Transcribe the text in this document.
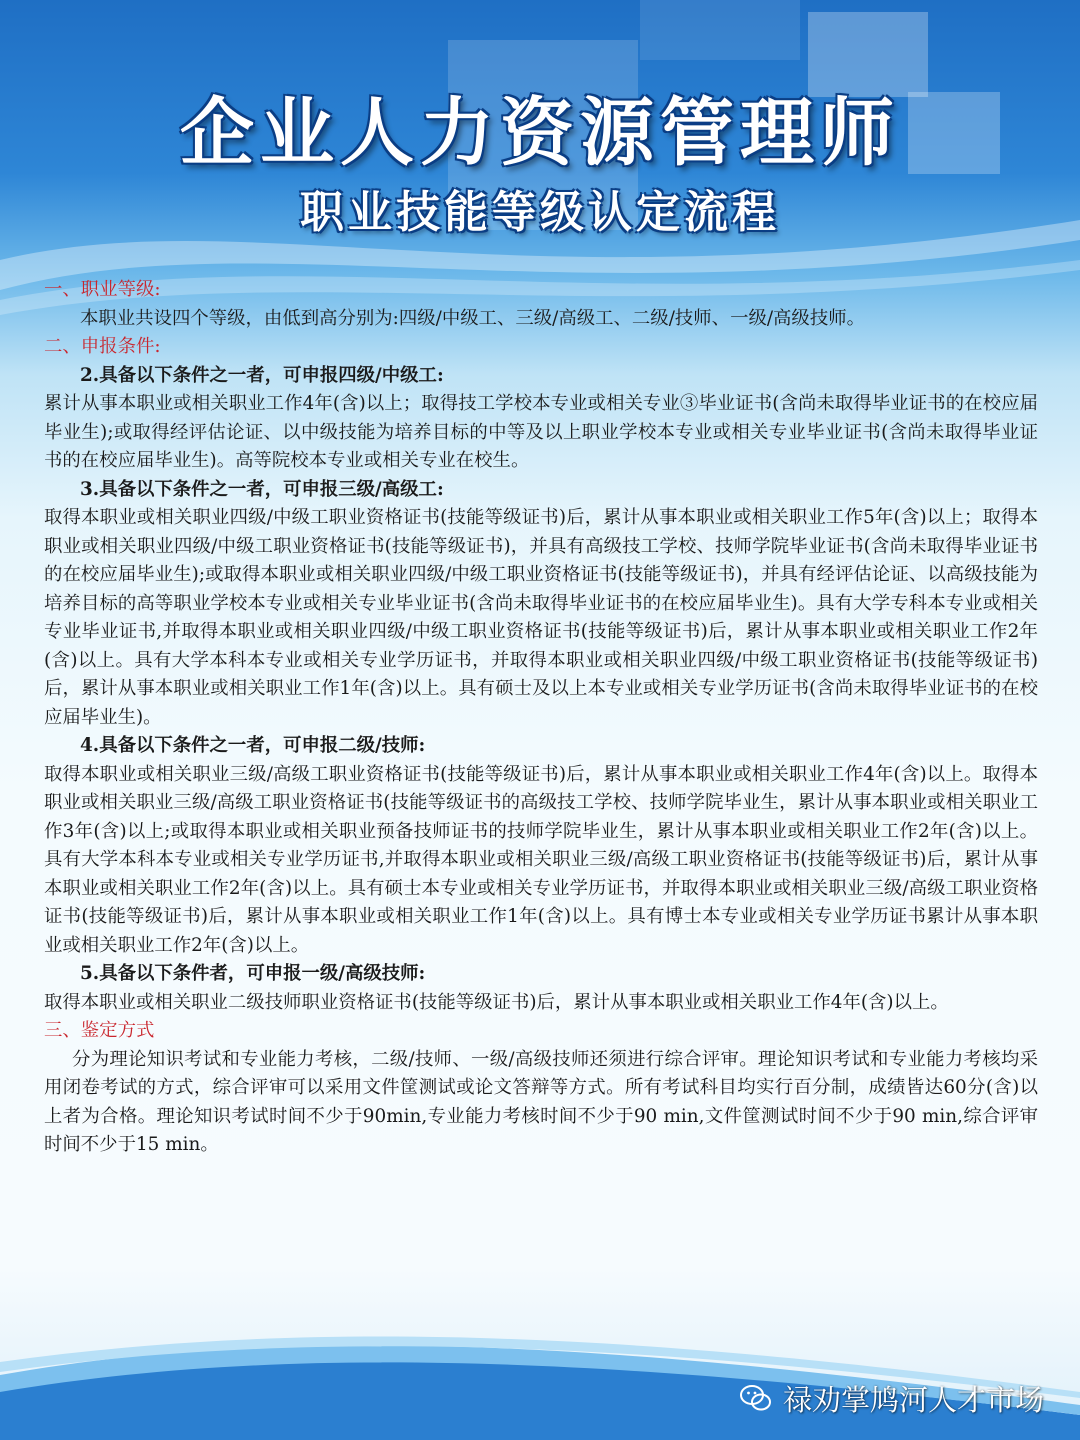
企业人力资源管理师
职业技能等级认定流程

一、职业等级:

本职业共设四个等级，由低到高分别为:四级/中级工、三级/高级工、二级/技师、一级/高级技师。

二、申报条件:

2.具备以下条件之一者，可申报四级/中级工:

累计从事本职业或相关职业工作4年(含)以上；取得技工学校本专业或相关专业③毕业证书(含尚未取得毕业证书的在校应届毕业生);或取得经评估论证、以中级技能为培养目标的中等及以上职业学校本专业或相关专业毕业证书(含尚未取得毕业证书的在校应届毕业生)。高等院校本专业或相关专业在校生。

3.具备以下条件之一者，可申报三级/高级工:

取得本职业或相关职业四级/中级工职业资格证书(技能等级证书)后，累计从事本职业或相关职业工作5年(含)以上；取得本职业或相关职业四级/中级工职业资格证书(技能等级证书)，并具有高级技工学校、技师学院毕业证书(含尚未取得毕业证书的在校应届毕业生);或取得本职业或相关职业四级/中级工职业资格证书(技能等级证书)，并具有经评估论证、以高级技能为培养目标的高等职业学校本专业或相关专业毕业证书(含尚未取得毕业证书的在校应届毕业生)。具有大学专科本专业或相关专业毕业证书,并取得本职业或相关职业四级/中级工职业资格证书(技能等级证书)后，累计从事本职业或相关职业工作2年(含)以上。具有大学本科本专业或相关专业学历证书，并取得本职业或相关职业四级/中级工职业资格证书(技能等级证书)后，累计从事本职业或相关职业工作1年(含)以上。具有硕士及以上本专业或相关专业学历证书(含尚未取得毕业证书的在校应届毕业生)。

4.具备以下条件之一者，可申报二级/技师:

取得本职业或相关职业三级/高级工职业资格证书(技能等级证书)后，累计从事本职业或相关职业工作4年(含)以上。取得本职业或相关职业三级/高级工职业资格证书(技能等级证书的高级技工学校、技师学院毕业生，累计从事本职业或相关职业工作3年(含)以上;或取得本职业或相关职业预备技师证书的技师学院毕业生，累计从事本职业或相关职业工作2年(含)以上。具有大学本科本专业或相关专业学历证书,并取得本职业或相关职业三级/高级工职业资格证书(技能等级证书)后，累计从事本职业或相关职业工作2年(含)以上。具有硕士本专业或相关专业学历证书，并取得本职业或相关职业三级/高级工职业资格证书(技能等级证书)后，累计从事本职业或相关职业工作1年(含)以上。具有博士本专业或相关专业学历证书累计从事本职业或相关职业工作2年(含)以上。

5.具备以下条件者，可申报一级/高级技师:

取得本职业或相关职业二级技师职业资格证书(技能等级证书)后，累计从事本职业或相关职业工作4年(含)以上。

三、鉴定方式

分为理论知识考试和专业能力考核，二级/技师、一级/高级技师还须进行综合评审。理论知识考试和专业能力考核均采用闭卷考试的方式，综合评审可以采用文件筐测试或论文答辩等方式。所有考试科目均实行百分制，成绩皆达60分(含)以上者为合格。理论知识考试时间不少于90min,专业能力考核时间不少于90 min,文件筐测试时间不少于90 min,综合评审时间不少于15 min。

禄劝掌鸠河人才市场
